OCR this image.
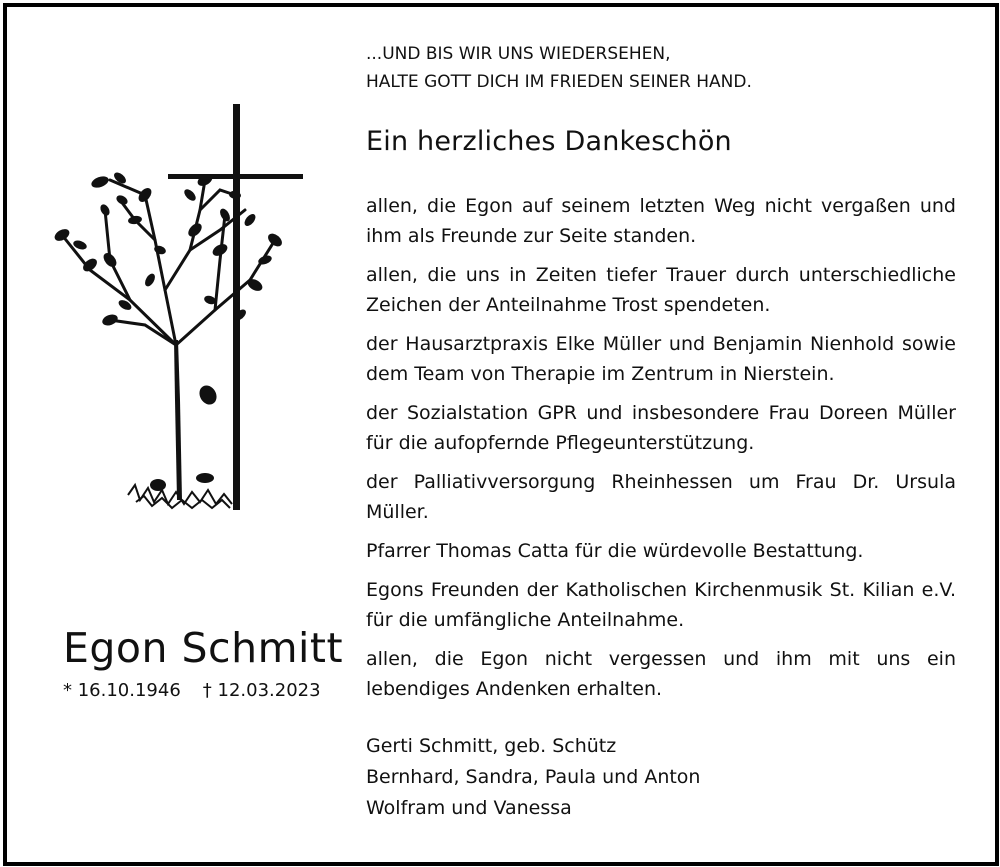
...UND BIS WIR UNS WIEDERSEHEN,
HALTE GOTT DICH IM FRIEDEN SEINER HAND.
Ein herzliches Dankeschön

allen, die Egon auf seinem letzten Weg nicht vergaßen und ihm als Freunde zur Seite standen.

allen, die uns in Zeiten tiefer Trauer durch unterschiedliche Zeichen der Anteilnahme Trost spendeten.

der Hausarztpraxis Elke Müller und Benjamin Nienhold sowie dem Team von Therapie im Zentrum in Nierstein.

der Sozialstation GPR und insbesondere Frau Doreen Müller für die aufopfernde Pflegeunterstützung.

der Palliativversorgung Rheinhessen um Frau Dr. Ursula Müller.

Pfarrer Thomas Catta für die würdevolle Bestattung.

Egons Freunden der Katholischen Kirchenmusik St. Kilian e.V. für die umfängliche Anteilnahme.

allen, die Egon nicht vergessen und ihm mit uns ein lebendiges Andenken erhalten.

Egon Schmitt
* 16.10.1946 † 12.03.2023
Gerti Schmitt, geb. Schütz
Bernhard, Sandra, Paula und Anton
Wolfram und Vanessa
